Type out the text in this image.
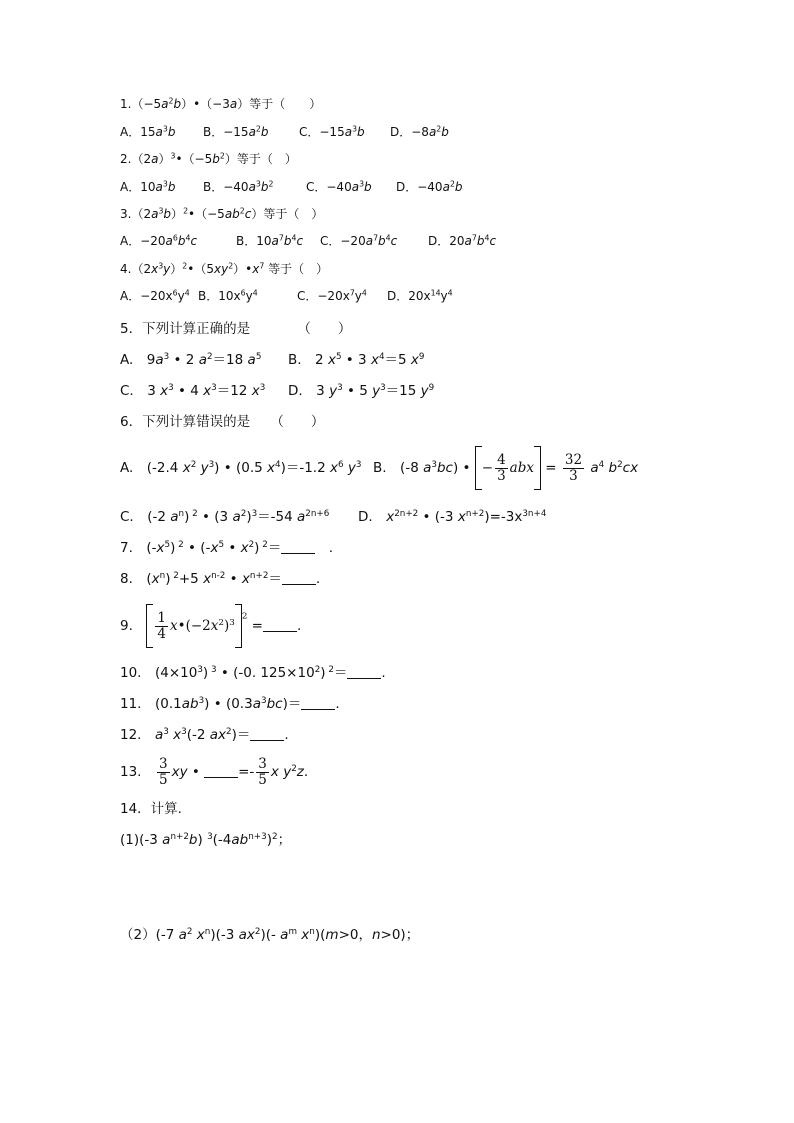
$1.(-5a^2b)•(-3a)$等于（　　）
A．$15a^3b$ B．$-15a^2b$	C．$-15a^3b$ D．$-8a^2b$
$2.(2a)^3•(-5b^2)$等于（　）
A．$10a^3b$ B．$-40a^3b^2$	C．$-40a^3b$ D．$-40a^2b$
$3.(2a^3b)^2•(-5ab^2c)$等于（　）
A．$-20a^6b^4c$	B．$10a^7b^4c$ C．$-20a^7b^4c$	D．$20a^7b^4c$
$4.(2x^3y)^2•(5xy^2)•x^7$ 等于（　）
A．$-20x^6y^4$ B．$10x^6y^4$	C．$-20x^7y^4$ D．$20x^{14}y^4$
5．下列计算正确的是　　　　（　　）
A.　$9a^3$ • 2 $a^2=18$ $a^5$ B.　2 $x^5$ • 3 $x^4=5$ $x^9$
C.　3 $x^3$ • 4 $x^3=12$ $x^3$ D.　3 $y^3$ • 5 $y^3=15$ $y^9$
6．下列计算错误的是　　（　　）
A.　(-2.4 $x^2$ $y^3$) • (0.5 $x^4)=-1.2$ $x^6$ $y^3$ B.　(-8 $a^3bc$) • − $\frac{4}{3}$ abx = $\frac{32}{3} a^4$ $b^2cx$
C.　(-2 $a^n$) $^2$ • (3 $a^2)^3=-54$ $a^{2n+6}$ D.　$x^{2n+2}$ • (-3 $x^{n+2})=-3x^{3n+4}$
7.　$(-x^5)$ $^2$ • ($-x^5$ • $x^2$) $^2$＝	　.
8.　$(x^n)$ $^2$+5 $x^{n-2}$ • $x^{n+2}=$	.
9.　 $\frac{1}{4}$ $x•(-2x^2)^{32}$ =	.
10.　$(4\times 10^3)$ $^3$ • (-0. $125\times 10^2$) $^2$＝	.
11.　$(0.1ab^3)$ • $(0.3a^3bc)=$	.
12.　$a^3$ $x^3(-2$ $ax^2)=$	.
13.　 $\frac{3}{5}$ xy •	=- $\frac{3}{5}$ x $y^2z$.
14．计算.
(1)(-3 $a^{n+2}b$) $^3(-4ab^{n+3})^2$；
（2）(-7 $a^2$ $x^n)(-3$ $ax^2)(-$ $a^m$ $x^n)(m>0$，n>0)；
